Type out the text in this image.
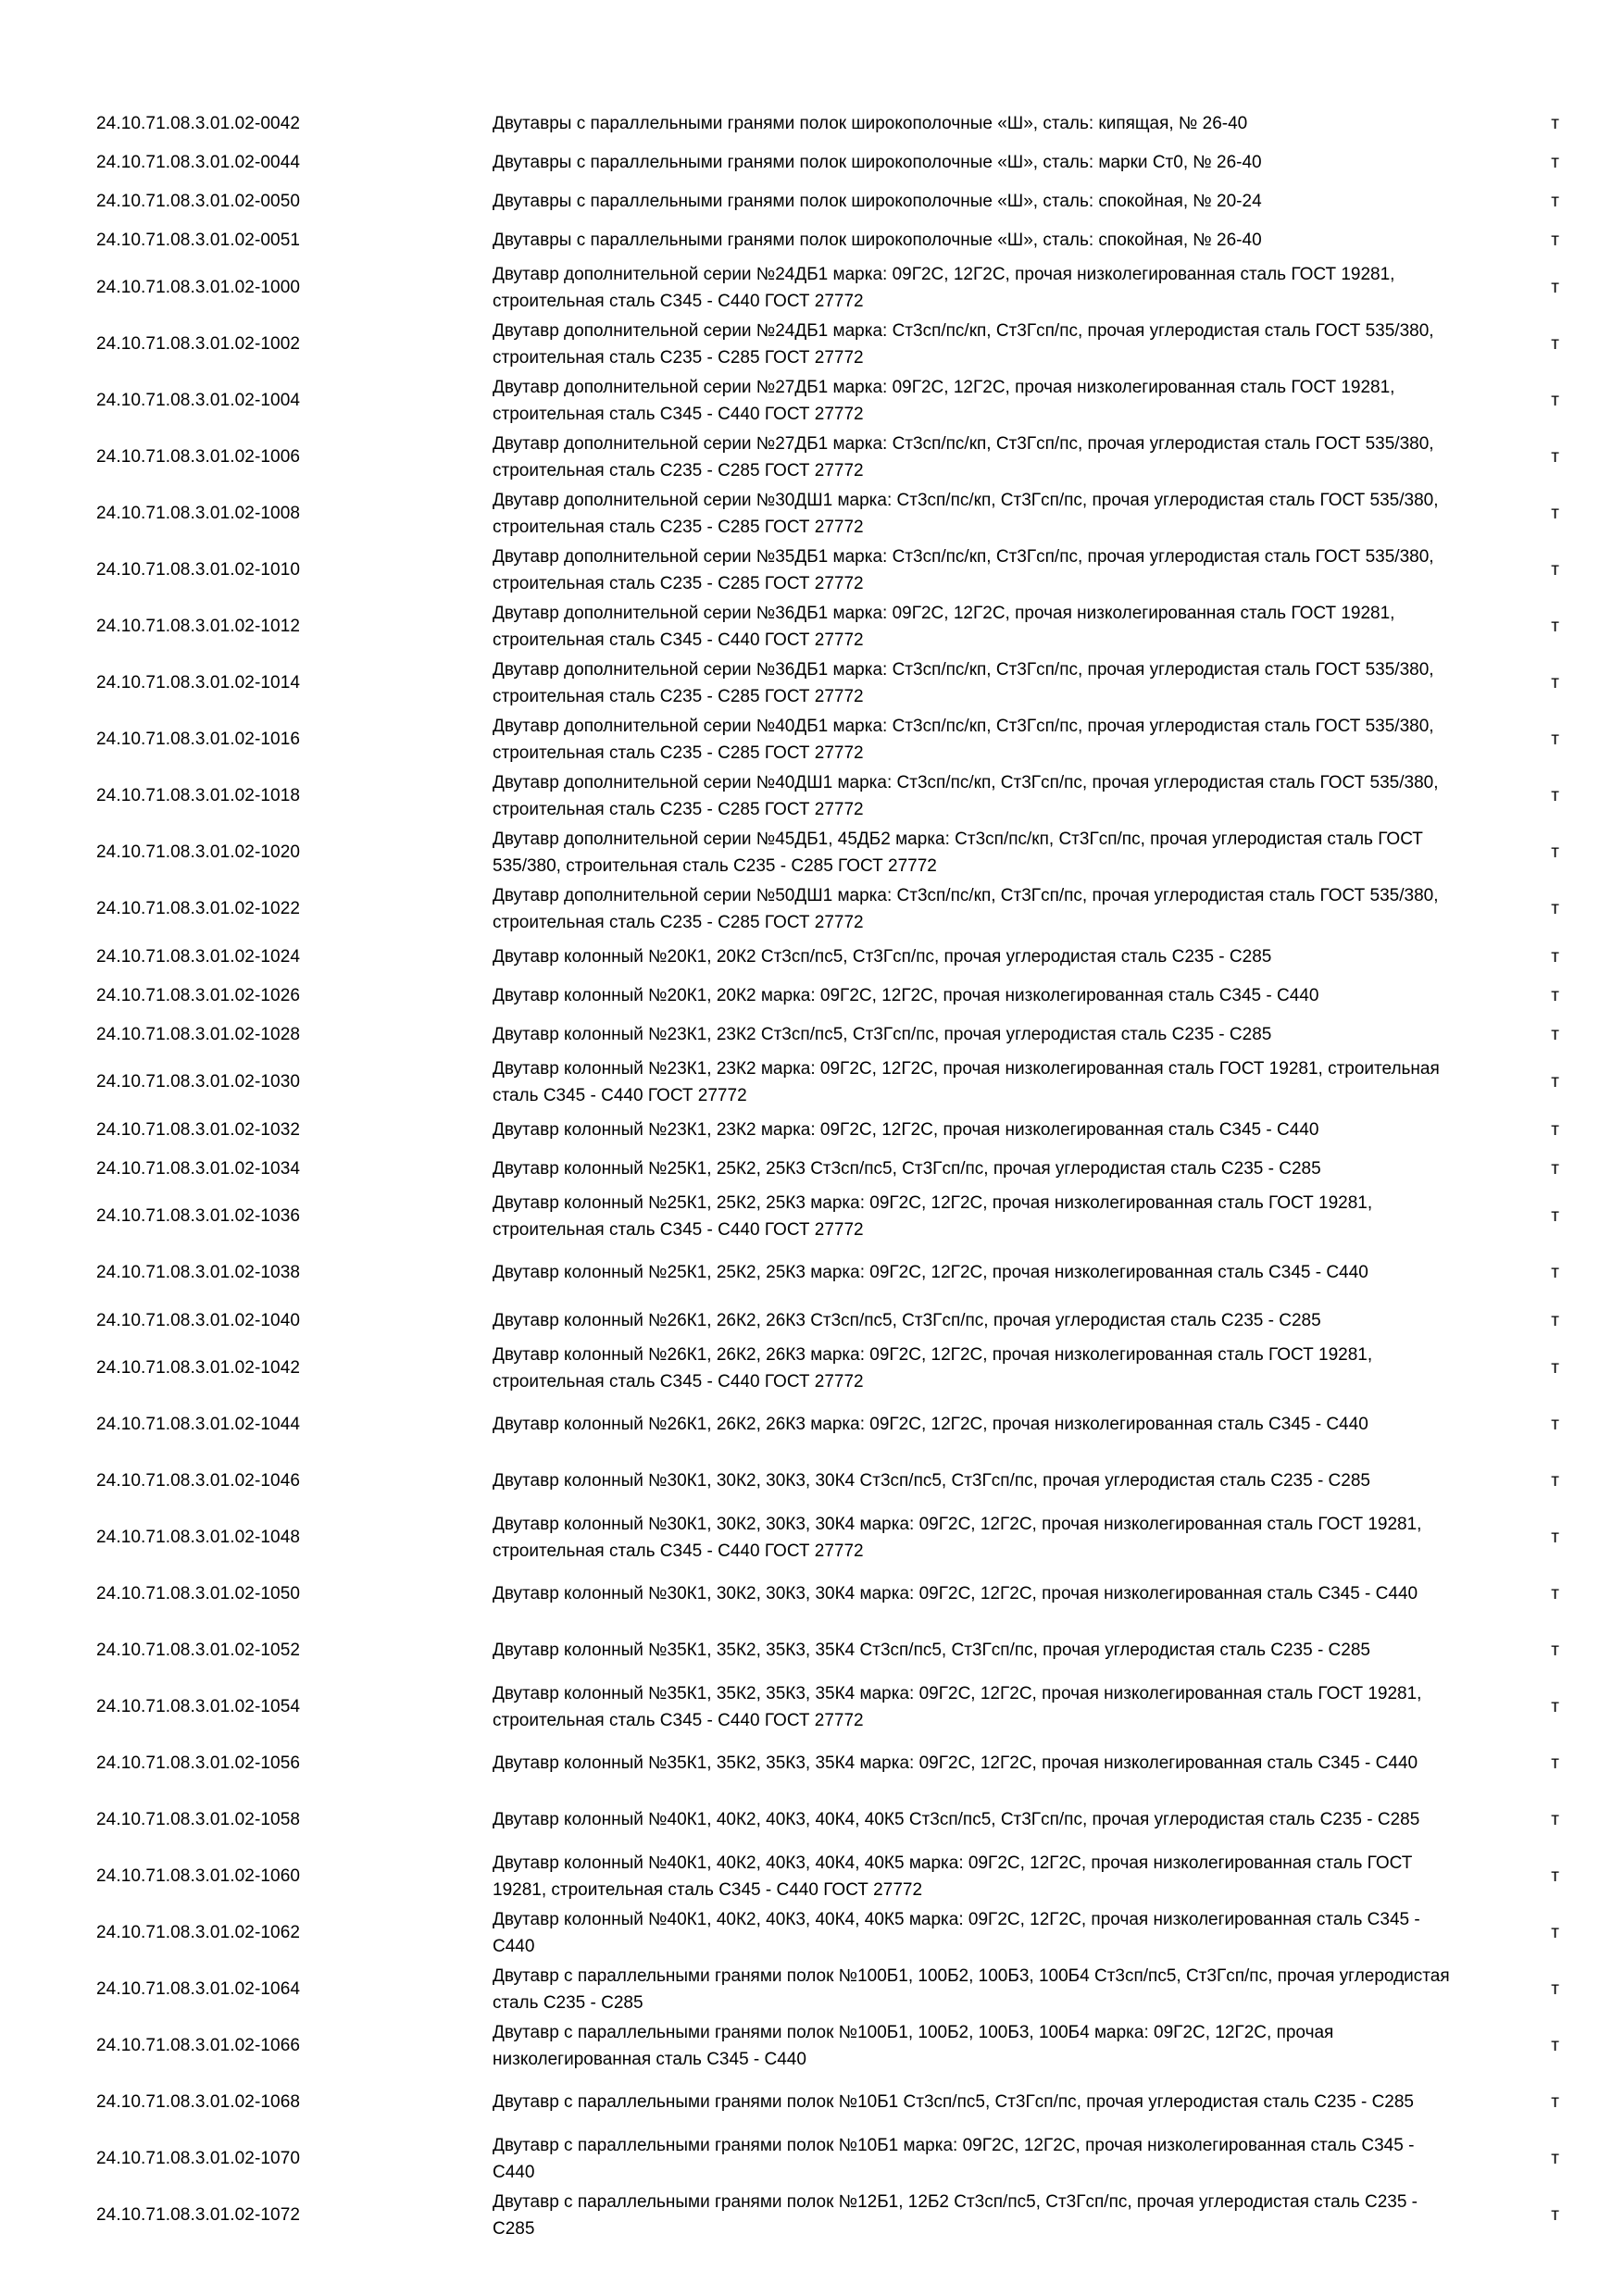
24.10.71.08.3.01.02-0042	Двутавры с параллельными гранями полок широкополочные «Ш», сталь: кипящая, № 26-40	т
24.10.71.08.3.01.02-0044	Двутавры с параллельными гранями полок широкополочные «Ш», сталь: марки Ст0, № 26-40	т
24.10.71.08.3.01.02-0050	Двутавры с параллельными гранями полок широкополочные «Ш», сталь: спокойная, № 20-24	т
24.10.71.08.3.01.02-0051	Двутавры с параллельными гранями полок широкополочные «Ш», сталь: спокойная, № 26-40	т
24.10.71.08.3.01.02-1000	Двутавр дополнительной серии №24ДБ1 марка: 09Г2С, 12Г2С, прочая низколегированная сталь ГОСТ 19281, строительная сталь С345 - С440 ГОСТ 27772	т
24.10.71.08.3.01.02-1002	Двутавр дополнительной серии №24ДБ1 марка: Ст3сп/пс/кп, Ст3Гсп/пс, прочая углеродистая сталь ГОСТ 535/380, строительная сталь С235 - С285 ГОСТ 27772	т
24.10.71.08.3.01.02-1004	Двутавр дополнительной серии №27ДБ1 марка: 09Г2С, 12Г2С, прочая низколегированная сталь ГОСТ 19281, строительная сталь С345 - С440 ГОСТ 27772	т
24.10.71.08.3.01.02-1006	Двутавр дополнительной серии №27ДБ1 марка: Ст3сп/пс/кп, Ст3Гсп/пс, прочая углеродистая сталь ГОСТ 535/380, строительная сталь С235 - С285 ГОСТ 27772	т
24.10.71.08.3.01.02-1008	Двутавр дополнительной серии №30ДШ1 марка: Ст3сп/пс/кп, Ст3Гсп/пс, прочая углеродистая сталь ГОСТ 535/380, строительная сталь С235 - С285 ГОСТ 27772	т
24.10.71.08.3.01.02-1010	Двутавр дополнительной серии №35ДБ1 марка: Ст3сп/пс/кп, Ст3Гсп/пс, прочая углеродистая сталь ГОСТ 535/380, строительная сталь С235 - С285 ГОСТ 27772	т
24.10.71.08.3.01.02-1012	Двутавр дополнительной серии №36ДБ1 марка: 09Г2С, 12Г2С, прочая низколегированная сталь ГОСТ 19281, строительная сталь С345 - С440 ГОСТ 27772	т
24.10.71.08.3.01.02-1014	Двутавр дополнительной серии №36ДБ1 марка: Ст3сп/пс/кп, Ст3Гсп/пс, прочая углеродистая сталь ГОСТ 535/380, строительная сталь С235 - С285 ГОСТ 27772	т
24.10.71.08.3.01.02-1016	Двутавр дополнительной серии №40ДБ1 марка: Ст3сп/пс/кп, Ст3Гсп/пс, прочая углеродистая сталь ГОСТ 535/380, строительная сталь С235 - С285 ГОСТ 27772	т
24.10.71.08.3.01.02-1018	Двутавр дополнительной серии №40ДШ1 марка: Ст3сп/пс/кп, Ст3Гсп/пс, прочая углеродистая сталь ГОСТ 535/380, строительная сталь С235 - С285 ГОСТ 27772	т
24.10.71.08.3.01.02-1020	Двутавр дополнительной серии №45ДБ1, 45ДБ2 марка: Ст3сп/пс/кп, Ст3Гсп/пс, прочая углеродистая сталь ГОСТ 535/380, строительная сталь С235 - С285 ГОСТ 27772	т
24.10.71.08.3.01.02-1022	Двутавр дополнительной серии №50ДШ1 марка: Ст3сп/пс/кп, Ст3Гсп/пс, прочая углеродистая сталь ГОСТ 535/380, строительная сталь С235 - С285 ГОСТ 27772	т
24.10.71.08.3.01.02-1024	Двутавр колонный №20К1, 20К2 Ст3сп/пс5, Ст3Гсп/пс, прочая углеродистая сталь С235 - С285	т
24.10.71.08.3.01.02-1026	Двутавр колонный №20К1, 20К2 марка: 09Г2С, 12Г2С, прочая низколегированная сталь С345 - С440	т
24.10.71.08.3.01.02-1028	Двутавр колонный №23К1, 23К2 Ст3сп/пс5, Ст3Гсп/пс, прочая углеродистая сталь С235 - С285	т
24.10.71.08.3.01.02-1030	Двутавр колонный №23К1, 23К2 марка: 09Г2С, 12Г2С, прочая низколегированная сталь ГОСТ 19281, строительная сталь С345 - С440 ГОСТ 27772	т
24.10.71.08.3.01.02-1032	Двутавр колонный №23К1, 23К2 марка: 09Г2С, 12Г2С, прочая низколегированная сталь С345 - С440	т
24.10.71.08.3.01.02-1034	Двутавр колонный №25К1, 25К2, 25К3 Ст3сп/пс5, Ст3Гсп/пс, прочая углеродистая сталь С235 - С285	т
24.10.71.08.3.01.02-1036	Двутавр колонный №25К1, 25К2, 25К3 марка: 09Г2С, 12Г2С, прочая низколегированная сталь ГОСТ 19281, строительная сталь С345 - С440 ГОСТ 27772	т
24.10.71.08.3.01.02-1038	Двутавр колонный №25К1, 25К2, 25К3 марка: 09Г2С, 12Г2С, прочая низколегированная сталь С345 - С440	т
24.10.71.08.3.01.02-1040	Двутавр колонный №26К1, 26К2, 26К3 Ст3сп/пс5, Ст3Гсп/пс, прочая углеродистая сталь С235 - С285	т
24.10.71.08.3.01.02-1042	Двутавр колонный №26К1, 26К2, 26К3 марка: 09Г2С, 12Г2С, прочая низколегированная сталь ГОСТ 19281, строительная сталь С345 - С440 ГОСТ 27772	т
24.10.71.08.3.01.02-1044	Двутавр колонный №26К1, 26К2, 26К3 марка: 09Г2С, 12Г2С, прочая низколегированная сталь С345 - С440	т
24.10.71.08.3.01.02-1046	Двутавр колонный №30К1, 30К2, 30К3, 30К4 Ст3сп/пс5, Ст3Гсп/пс, прочая углеродистая сталь С235 - С285	т
24.10.71.08.3.01.02-1048	Двутавр колонный №30К1, 30К2, 30К3, 30К4 марка: 09Г2С, 12Г2С, прочая низколегированная сталь ГОСТ 19281, строительная сталь С345 - С440 ГОСТ 27772	т
24.10.71.08.3.01.02-1050	Двутавр колонный №30К1, 30К2, 30К3, 30К4 марка: 09Г2С, 12Г2С, прочая низколегированная сталь С345 - С440	т
24.10.71.08.3.01.02-1052	Двутавр колонный №35К1, 35К2, 35К3, 35К4 Ст3сп/пс5, Ст3Гсп/пс, прочая углеродистая сталь С235 - С285	т
24.10.71.08.3.01.02-1054	Двутавр колонный №35К1, 35К2, 35К3, 35К4 марка: 09Г2С, 12Г2С, прочая низколегированная сталь ГОСТ 19281, строительная сталь С345 - С440 ГОСТ 27772	т
24.10.71.08.3.01.02-1056	Двутавр колонный №35К1, 35К2, 35К3, 35К4 марка: 09Г2С, 12Г2С, прочая низколегированная сталь С345 - С440	т
24.10.71.08.3.01.02-1058	Двутавр колонный №40К1, 40К2, 40К3, 40К4, 40К5 Ст3сп/пс5, Ст3Гсп/пс, прочая углеродистая сталь С235 - С285	т
24.10.71.08.3.01.02-1060	Двутавр колонный №40К1, 40К2, 40К3, 40К4, 40К5 марка: 09Г2С, 12Г2С, прочая низколегированная сталь ГОСТ 19281, строительная сталь С345 - С440 ГОСТ 27772	т
24.10.71.08.3.01.02-1062	Двутавр колонный №40К1, 40К2, 40К3, 40К4, 40К5 марка: 09Г2С, 12Г2С, прочая низколегированная сталь С345 - С440	т
24.10.71.08.3.01.02-1064	Двутавр с параллельными гранями полок №100Б1, 100Б2, 100Б3, 100Б4 Ст3сп/пс5, Ст3Гсп/пс, прочая углеродистая сталь С235 - С285	т
24.10.71.08.3.01.02-1066	Двутавр с параллельными гранями полок №100Б1, 100Б2, 100Б3, 100Б4 марка: 09Г2С, 12Г2С, прочая низколегированная сталь С345 - С440	т
24.10.71.08.3.01.02-1068	Двутавр с параллельными гранями полок №10Б1 Ст3сп/пс5, Ст3Гсп/пс, прочая углеродистая сталь С235 - С285	т
24.10.71.08.3.01.02-1070	Двутавр с параллельными гранями полок №10Б1 марка: 09Г2С, 12Г2С, прочая низколегированная сталь С345 - С440	т
24.10.71.08.3.01.02-1072	Двутавр с параллельными гранями полок №12Б1, 12Б2 Ст3сп/пс5, Ст3Гсп/пс, прочая углеродистая сталь С235 - С285	т
